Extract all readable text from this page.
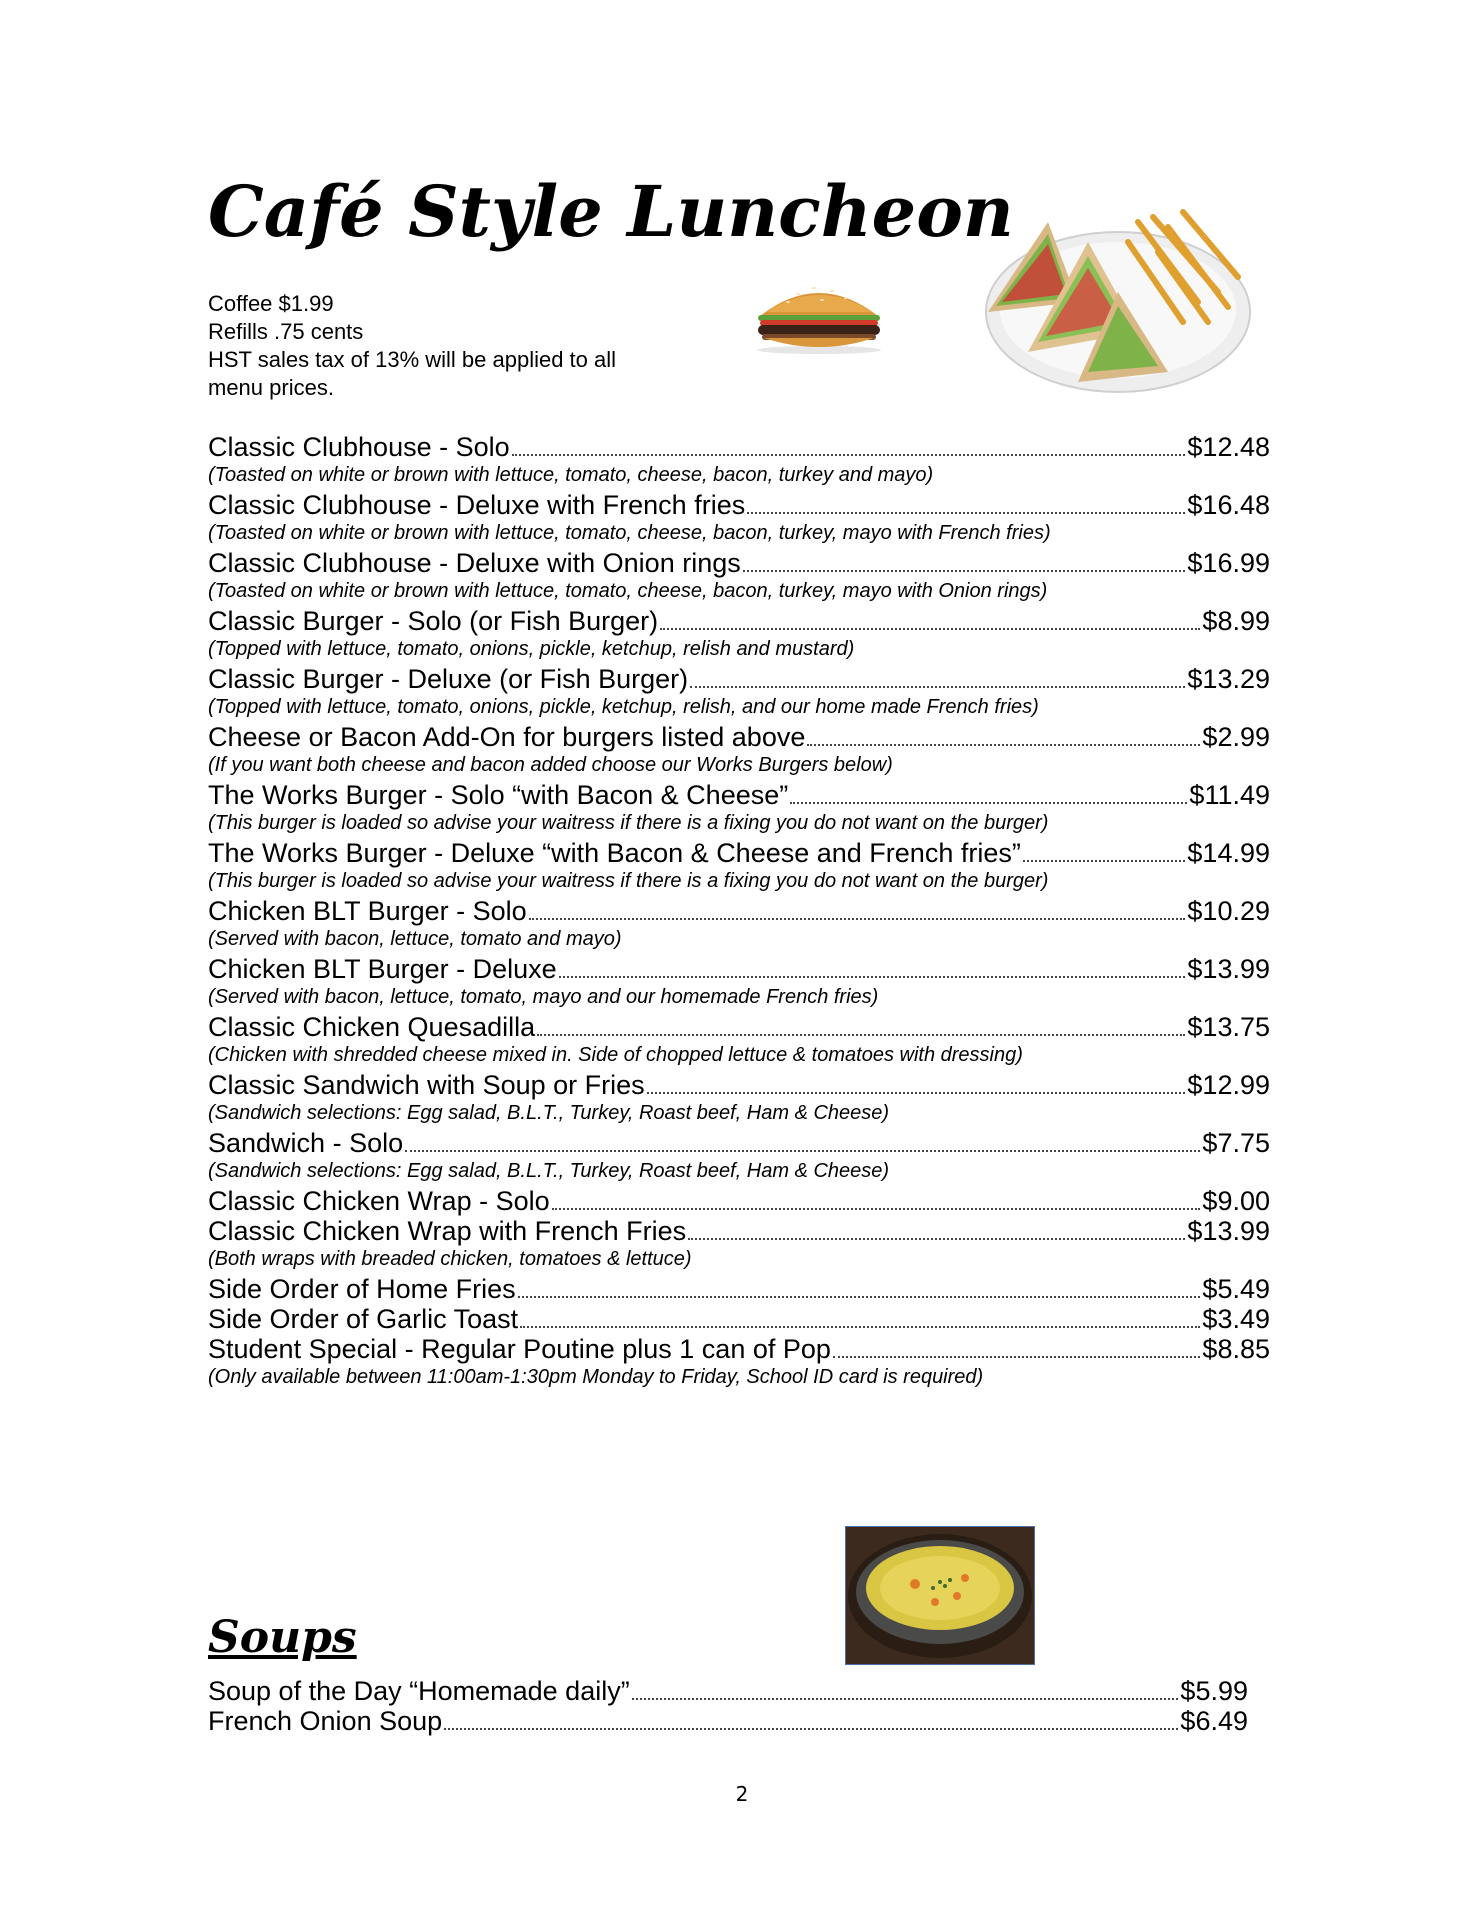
Café Style Luncheon
Coffee $1.99
Refills .75 cents
HST sales tax of 13% will be applied to all
menu prices.
Classic Clubhouse - Solo	$12.48
(Toasted on white or brown with lettuce, tomato, cheese, bacon, turkey and mayo)
Classic Clubhouse - Deluxe with French fries	$16.48
(Toasted on white or brown with lettuce, tomato, cheese, bacon, turkey, mayo with French fries)
Classic Clubhouse - Deluxe with Onion rings	$16.99
(Toasted on white or brown with lettuce, tomato, cheese, bacon, turkey, mayo with Onion rings)
Classic Burger - Solo (or Fish Burger)	$8.99
(Topped with lettuce, tomato, onions, pickle, ketchup, relish and mustard)
Classic Burger - Deluxe (or Fish Burger)	$13.29
(Topped with lettuce, tomato, onions, pickle, ketchup, relish, and our home made French fries)
Cheese or Bacon Add-On for burgers listed above	$2.99
(If you want both cheese and bacon added choose our Works Burgers below)
The Works Burger - Solo “with Bacon & Cheese”	$11.49
(This burger is loaded so advise your waitress if there is a fixing you do not want on the burger)
The Works Burger - Deluxe “with Bacon & Cheese and French fries”	$14.99
(This burger is loaded so advise your waitress if there is a fixing you do not want on the burger)
Chicken BLT Burger - Solo	$10.29
(Served with bacon, lettuce, tomato and mayo)
Chicken BLT Burger - Deluxe	$13.99
(Served with bacon, lettuce, tomato, mayo and our homemade French fries)
Classic Chicken Quesadilla	$13.75
(Chicken with shredded cheese mixed in. Side of chopped lettuce & tomatoes with dressing)
Classic Sandwich with Soup or Fries	$12.99
(Sandwich selections: Egg salad, B.L.T., Turkey, Roast beef, Ham & Cheese)
Sandwich - Solo	$7.75
(Sandwich selections: Egg salad, B.L.T., Turkey, Roast beef, Ham & Cheese)
Classic Chicken Wrap - Solo	$9.00
Classic Chicken Wrap with French Fries	$13.99
(Both wraps with breaded chicken, tomatoes & lettuce)
Side Order of Home Fries	$5.49
Side Order of Garlic Toast	$3.49
Student Special - Regular Poutine plus 1 can of Pop	$8.85
(Only available between 11:00am-1:30pm Monday to Friday, School ID card is required)
Soups
Soup of the Day “Homemade daily”	$5.99
French Onion Soup	$6.49
2
